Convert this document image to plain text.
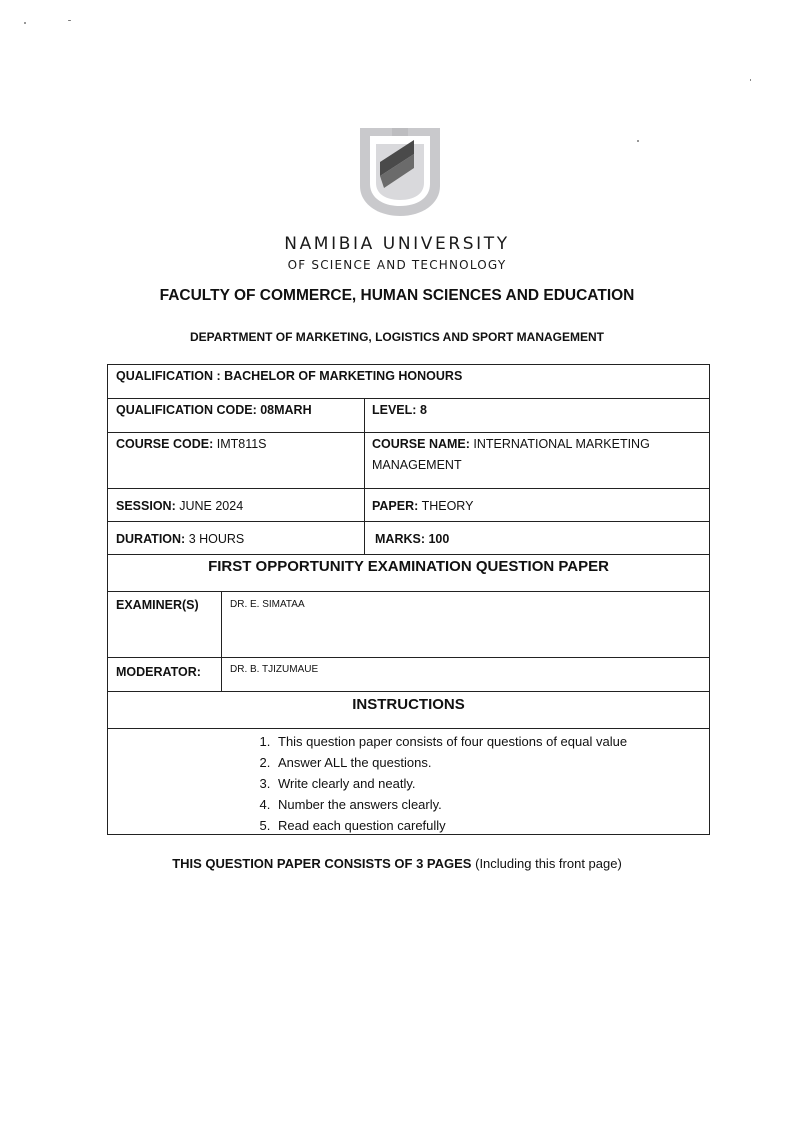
NAMIBIA UNIVERSITY
OF SCIENCE AND TECHNOLOGY
FACULTY OF COMMERCE, HUMAN SCIENCES AND EDUCATION
DEPARTMENT OF MARKETING, LOGISTICS AND SPORT MANAGEMENT
QUALIFICATION : BACHELOR OF MARKETING HONOURS
QUALIFICATION CODE: 08MARH	LEVEL: 8
COURSE CODE: IMT811S	COURSE NAME: INTERNATIONAL MARKETING
MANAGEMENT
SESSION: JUNE 2024	PAPER: THEORY
DURATION: 3 HOURS	MARKS: 100
FIRST OPPORTUNITY EXAMINATION QUESTION PAPER
EXAMINER(S)	DR. E. SIMATAA
MODERATOR:	DR. B. TJIZUMAUE
INSTRUCTIONS
1. This question paper consists of four questions of equal value
2. Answer ALL the questions.
3. Write clearly and neatly.
4. Number the answers clearly.
5. Read each question carefully
THIS QUESTION PAPER CONSISTS OF 3 PAGES (Including this front page)
